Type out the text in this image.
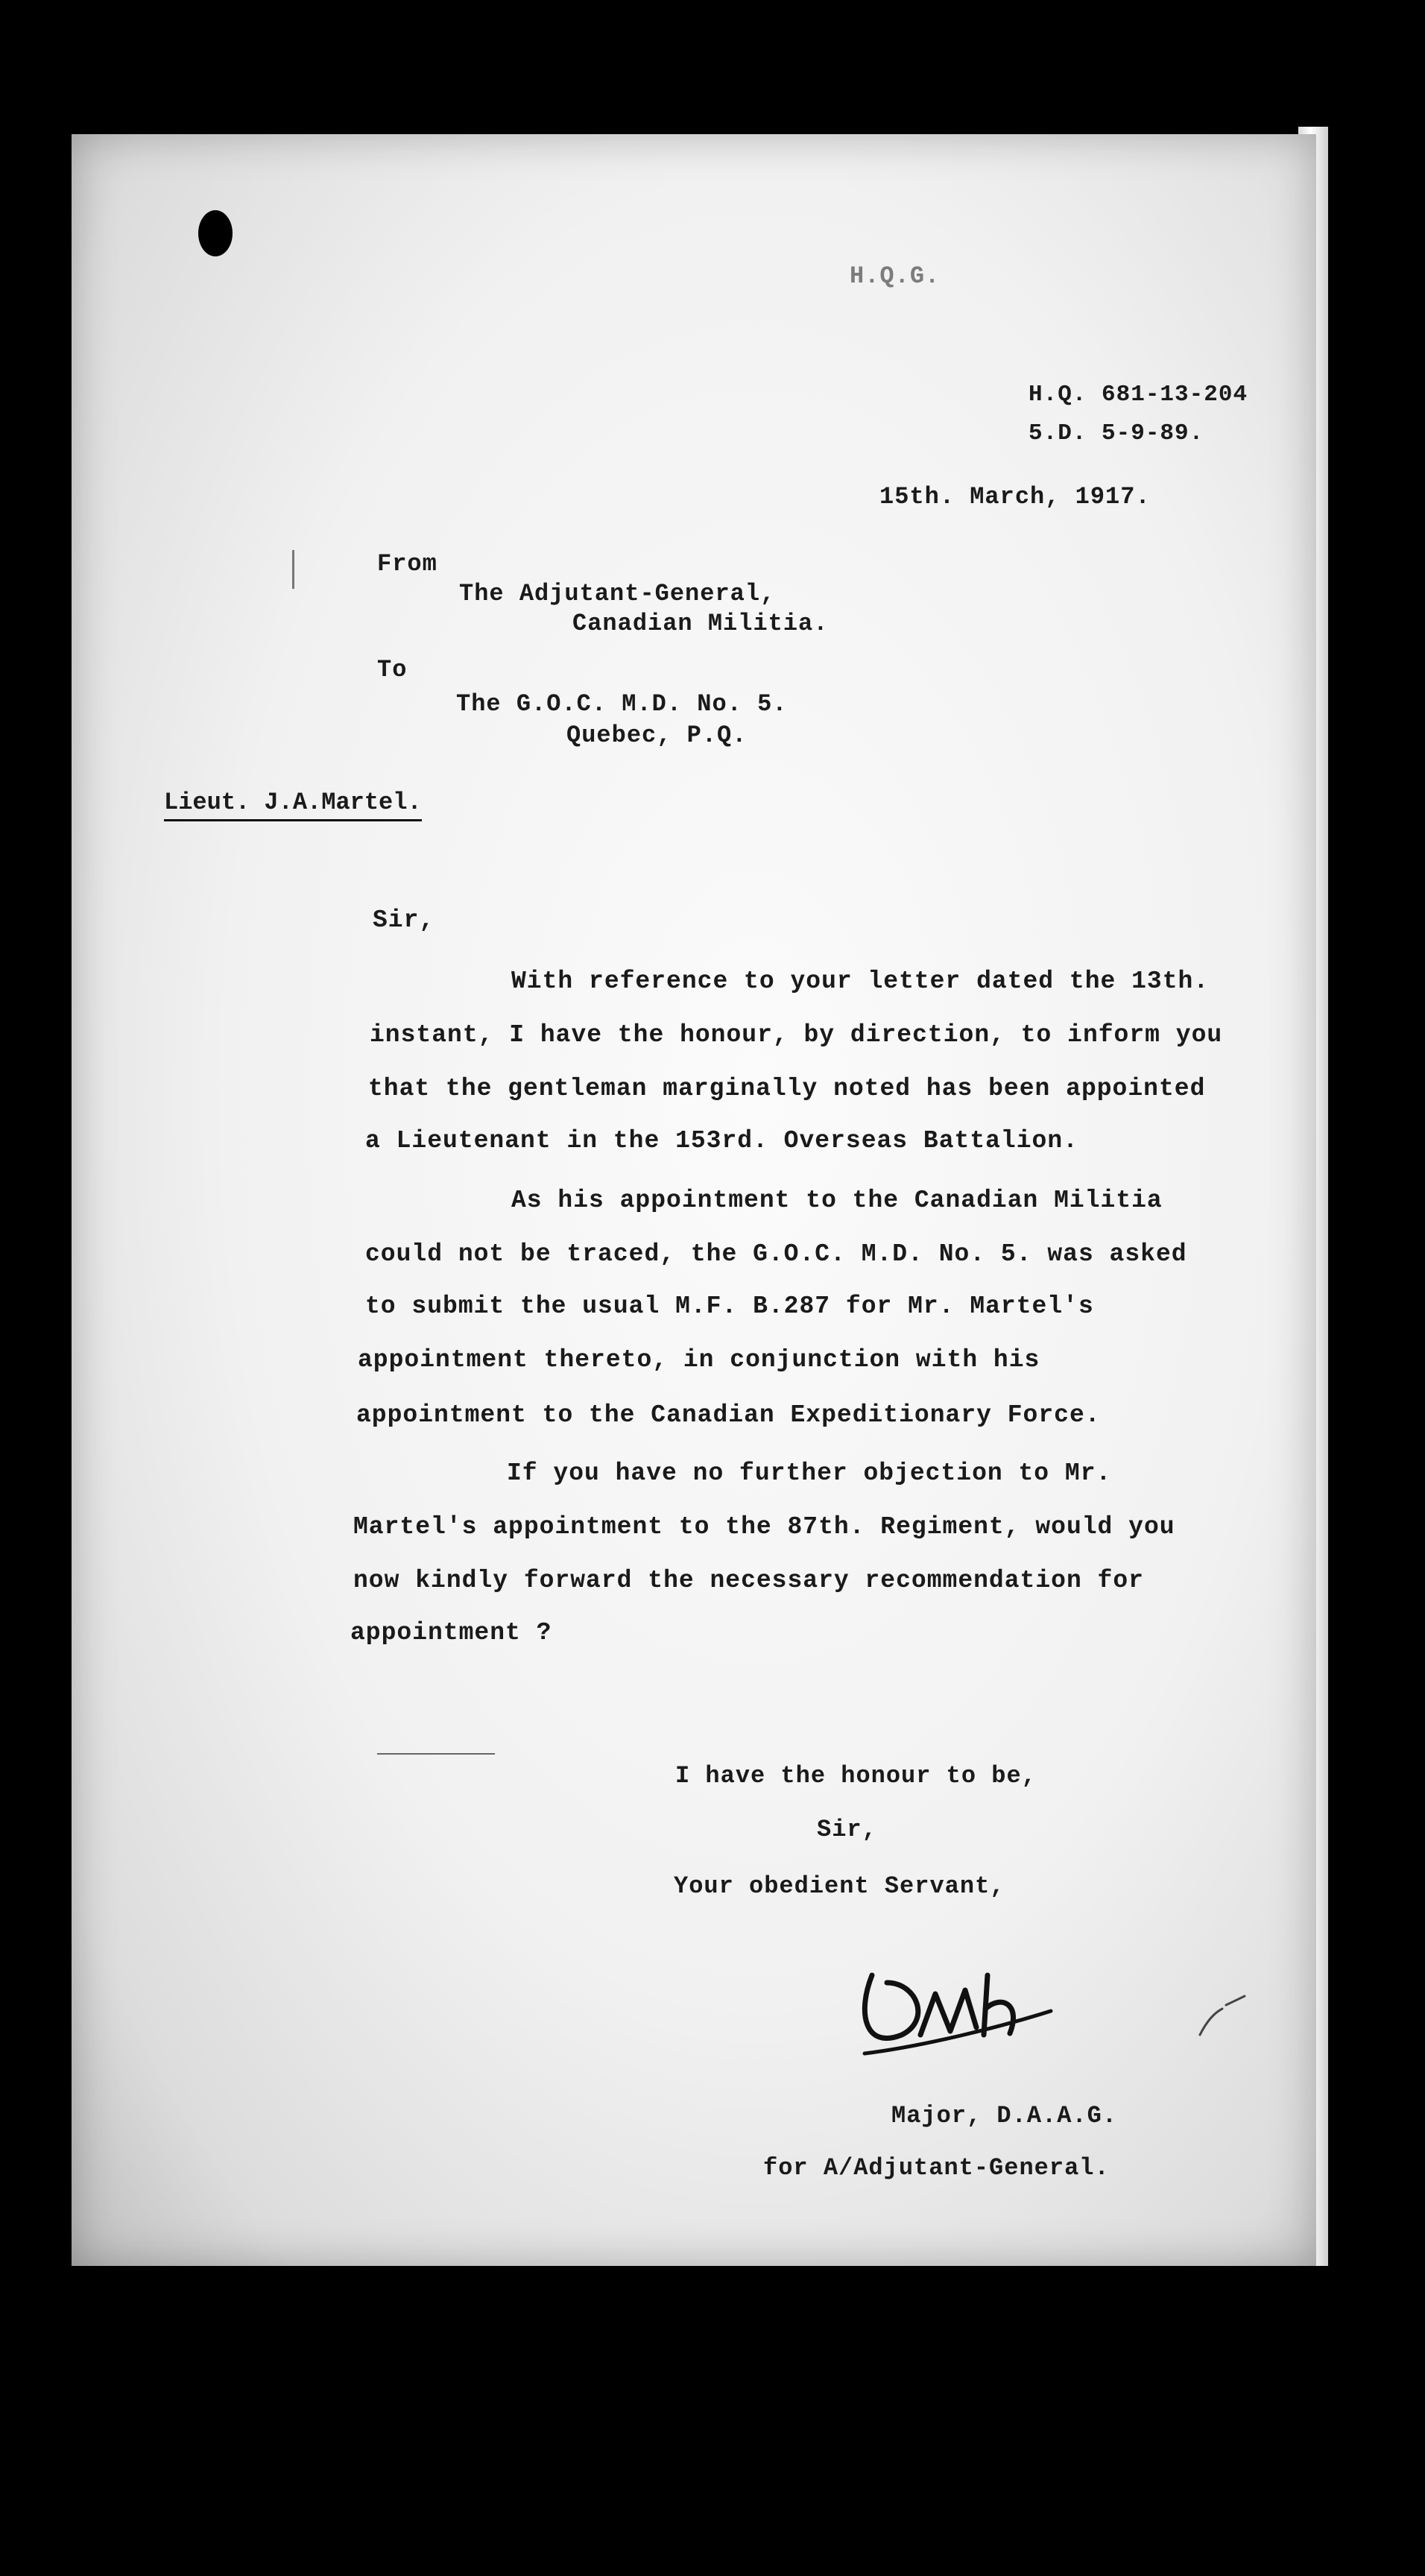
H.Q.G.
H.Q. 681-13-204
5.D. 5-9-89.
15th. March, 1917.
From
The Adjutant-General,
Canadian Militia.
To
The G.O.C. M.D. No. 5.
Quebec, P.Q.
Lieut. J.A.Martel.
Sir,
With reference to your letter dated the 13th.
instant, I have the honour, by direction, to inform you
that the gentleman marginally noted has been appointed
a Lieutenant in the 153rd. Overseas Battalion.
As his appointment to the Canadian Militia
could not be traced, the G.O.C. M.D. No. 5. was asked
to submit the usual M.F. B.287 for Mr. Martel's
appointment thereto, in conjunction with his
appointment to the Canadian Expeditionary Force.
If you have no further objection to Mr.
Martel's appointment to the 87th. Regiment, would you
now kindly forward the necessary recommendation for
appointment ?
I have the honour to be,
Sir,
Your obedient Servant,
Major, D.A.A.G.
for A/Adjutant-General.
